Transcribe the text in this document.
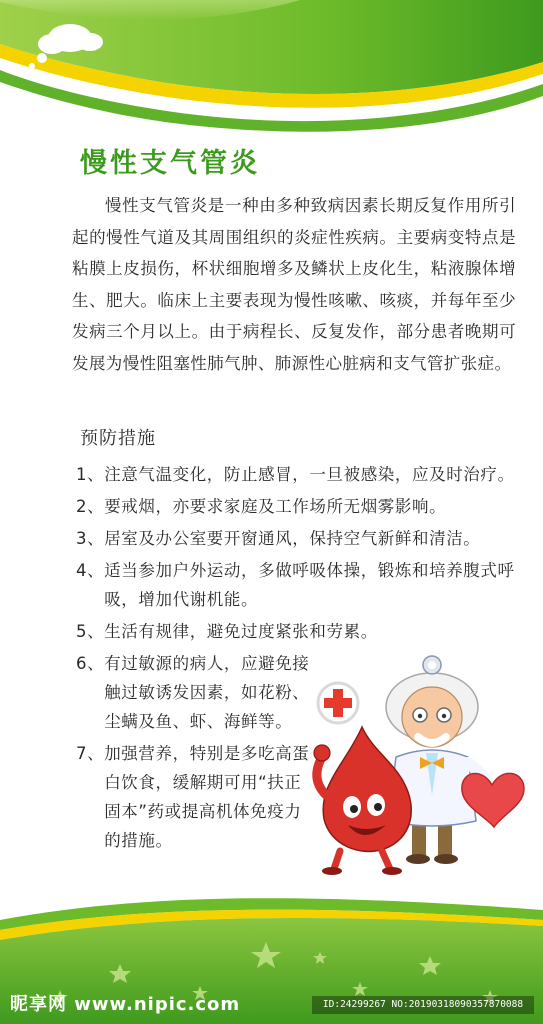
慢性支气管炎

慢性支气管炎是一种由多种致病因素长期反复作用所引起的慢性气道及其周围组织的炎症性疾病。主要病变特点是粘膜上皮损伤，杯状细胞增多及鳞状上皮化生，粘液腺体增生、肥大。临床上主要表现为慢性咳嗽、咳痰，并每年至少发病三个月以上。由于病程长、反复发作，部分患者晚期可发展为慢性阻塞性肺气肿、肺源性心脏病和支气管扩张症。

预防措施
1、 注意气温变化，防止感冒，一旦被感染，应及时治疗。
2、 要戒烟，亦要求家庭及工作场所无烟雾影响。
3、 居室及办公室要开窗通风，保持空气新鲜和清洁。
4、 适当参加户外运动，多做呼吸体操，锻炼和培养腹式呼吸，增加代谢机能。
5、 生活有规律，避免过度紧张和劳累。
6、 有过敏源的病人，应避免接触过敏诱发因素，如花粉、尘螨及鱼、虾、海鲜等。
7、 加强营养，特别是多吃高蛋白饮食，缓解期可用“扶正固本”药或提高机体免疫力的措施。
昵享网 www.nipic.com	ID:24299267 NO:20190318090357870088
